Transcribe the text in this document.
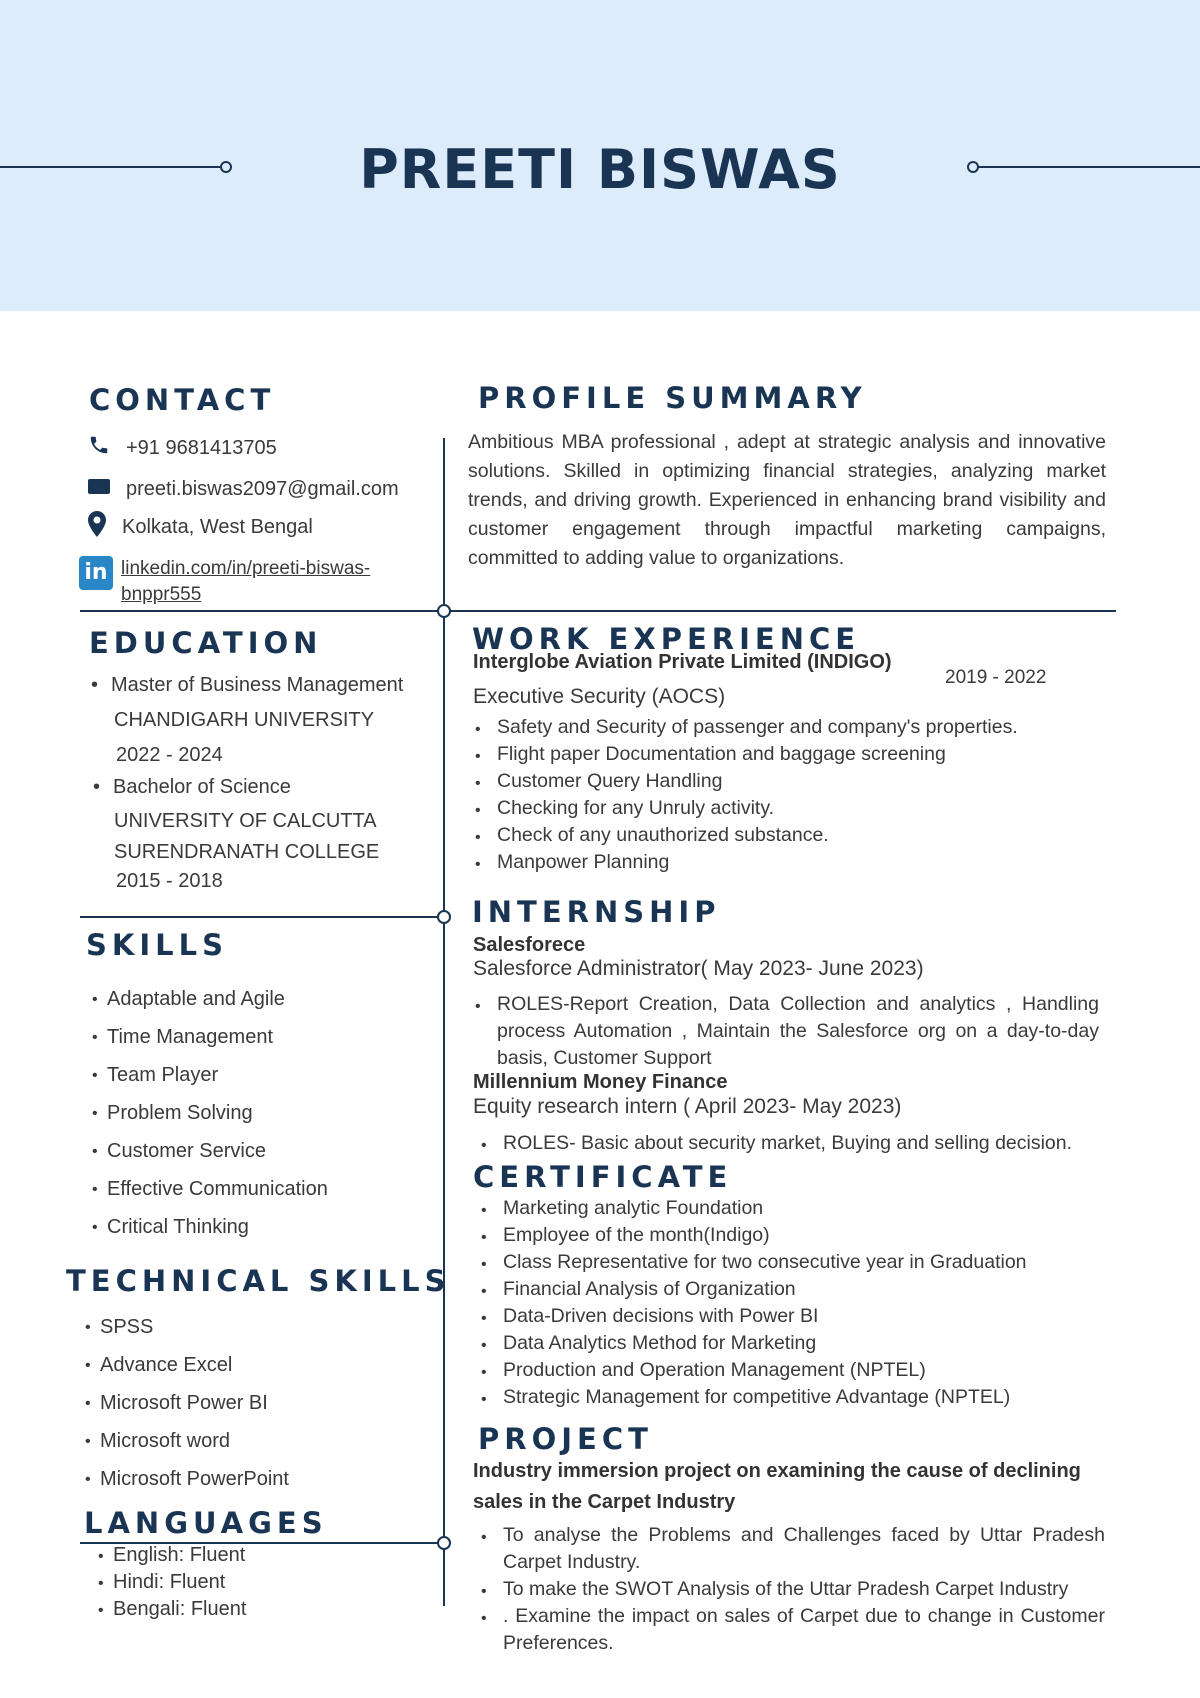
PREETI BISWAS
CONTACT
+91 9681413705
preeti.biswas2097@gmail.com
Kolkata, West Bengal
in linkedin.com/in/preeti-biswas-
bnppr555
EDUCATION
• Master of Business Management
CHANDIGARH UNIVERSITY
2022 - 2024
• Bachelor of Science
UNIVERSITY OF CALCUTTA
SURENDRANATH COLLEGE
2015 - 2018
SKILLS
• Adaptable and Agile
• Time Management
• Team Player
• Problem Solving
• Customer Service
• Effective Communication
• Critical Thinking
TECHNICAL SKILLS
• SPSS
• Advance Excel
• Microsoft Power BI
• Microsoft word
• Microsoft PowerPoint
LANGUAGES
• English: Fluent
• Hindi: Fluent
• Bengali: Fluent
PROFILE SUMMARY
Ambitious MBA professional , adept at strategic analysis and innovative solutions. Skilled in optimizing financial strategies, analyzing market trends, and driving growth. Experienced in enhancing brand visibility and customer engagement through impactful marketing campaigns, committed to adding value to organizations.
WORK EXPERIENCE
Interglobe Aviation Private Limited (INDIGO)
2019 - 2022
Executive Security (AOCS)
• Safety and Security of passenger and company's properties.
• Flight paper Documentation and baggage screening
• Customer Query Handling
• Checking for any Unruly activity.
• Check of any unauthorized substance.
• Manpower Planning
INTERNSHIP
Salesforece
Salesforce Administrator( May 2023- June 2023)
• ROLES-Report Creation, Data Collection and analytics , Handling process Automation , Maintain the Salesforce org on a day-to-day basis, Customer Support
Millennium Money Finance
Equity research intern ( April 2023- May 2023)
• ROLES- Basic about security market, Buying and selling decision.
CERTIFICATE
• Marketing analytic Foundation
• Employee of the month(Indigo)
• Class Representative for two consecutive year in Graduation
• Financial Analysis of Organization
• Data-Driven decisions with Power BI
• Data Analytics Method for Marketing
• Production and Operation Management (NPTEL)
• Strategic Management for competitive Advantage (NPTEL)
PROJECT
Industry immersion project on examining the cause of declining sales in the Carpet Industry
• To analyse the Problems and Challenges faced by Uttar Pradesh Carpet Industry.
• To make the SWOT Analysis of the Uttar Pradesh Carpet Industry
• . Examine the impact on sales of Carpet due to change in Customer Preferences.
